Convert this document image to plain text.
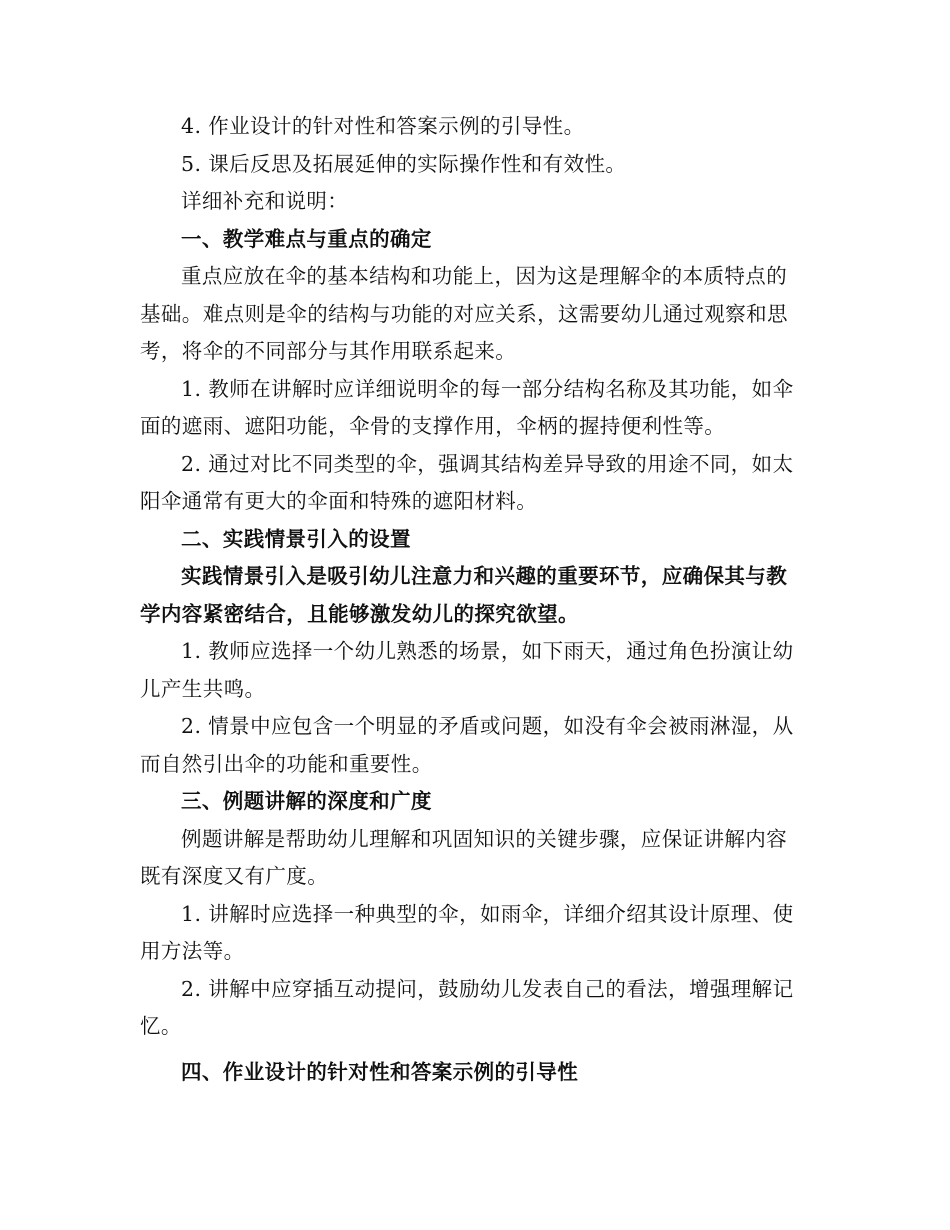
4. 作业设计的针对性和答案示例的引导性。

5. 课后反思及拓展延伸的实际操作性和有效性。

详细补充和说明：

一、教学难点与重点的确定

重点应放在伞的基本结构和功能上，因为这是理解伞的本质特点的基础。难点则是伞的结构与功能的对应关系，这需要幼儿通过观察和思考，将伞的不同部分与其作用联系起来。

1. 教师在讲解时应详细说明伞的每一部分结构名称及其功能，如伞面的遮雨、遮阳功能，伞骨的支撑作用，伞柄的握持便利性等。

2. 通过对比不同类型的伞，强调其结构差异导致的用途不同，如太阳伞通常有更大的伞面和特殊的遮阳材料。

二、实践情景引入的设置

实践情景引入是吸引幼儿注意力和兴趣的重要环节，应确保其与教学内容紧密结合，且能够激发幼儿的探究欲望。

1. 教师应选择一个幼儿熟悉的场景，如下雨天，通过角色扮演让幼儿产生共鸣。

2. 情景中应包含一个明显的矛盾或问题，如没有伞会被雨淋湿，从而自然引出伞的功能和重要性。

三、例题讲解的深度和广度

例题讲解是帮助幼儿理解和巩固知识的关键步骤，应保证讲解内容既有深度又有广度。

1. 讲解时应选择一种典型的伞，如雨伞，详细介绍其设计原理、使用方法等。

2. 讲解中应穿插互动提问，鼓励幼儿发表自己的看法，增强理解记忆。

四、作业设计的针对性和答案示例的引导性
